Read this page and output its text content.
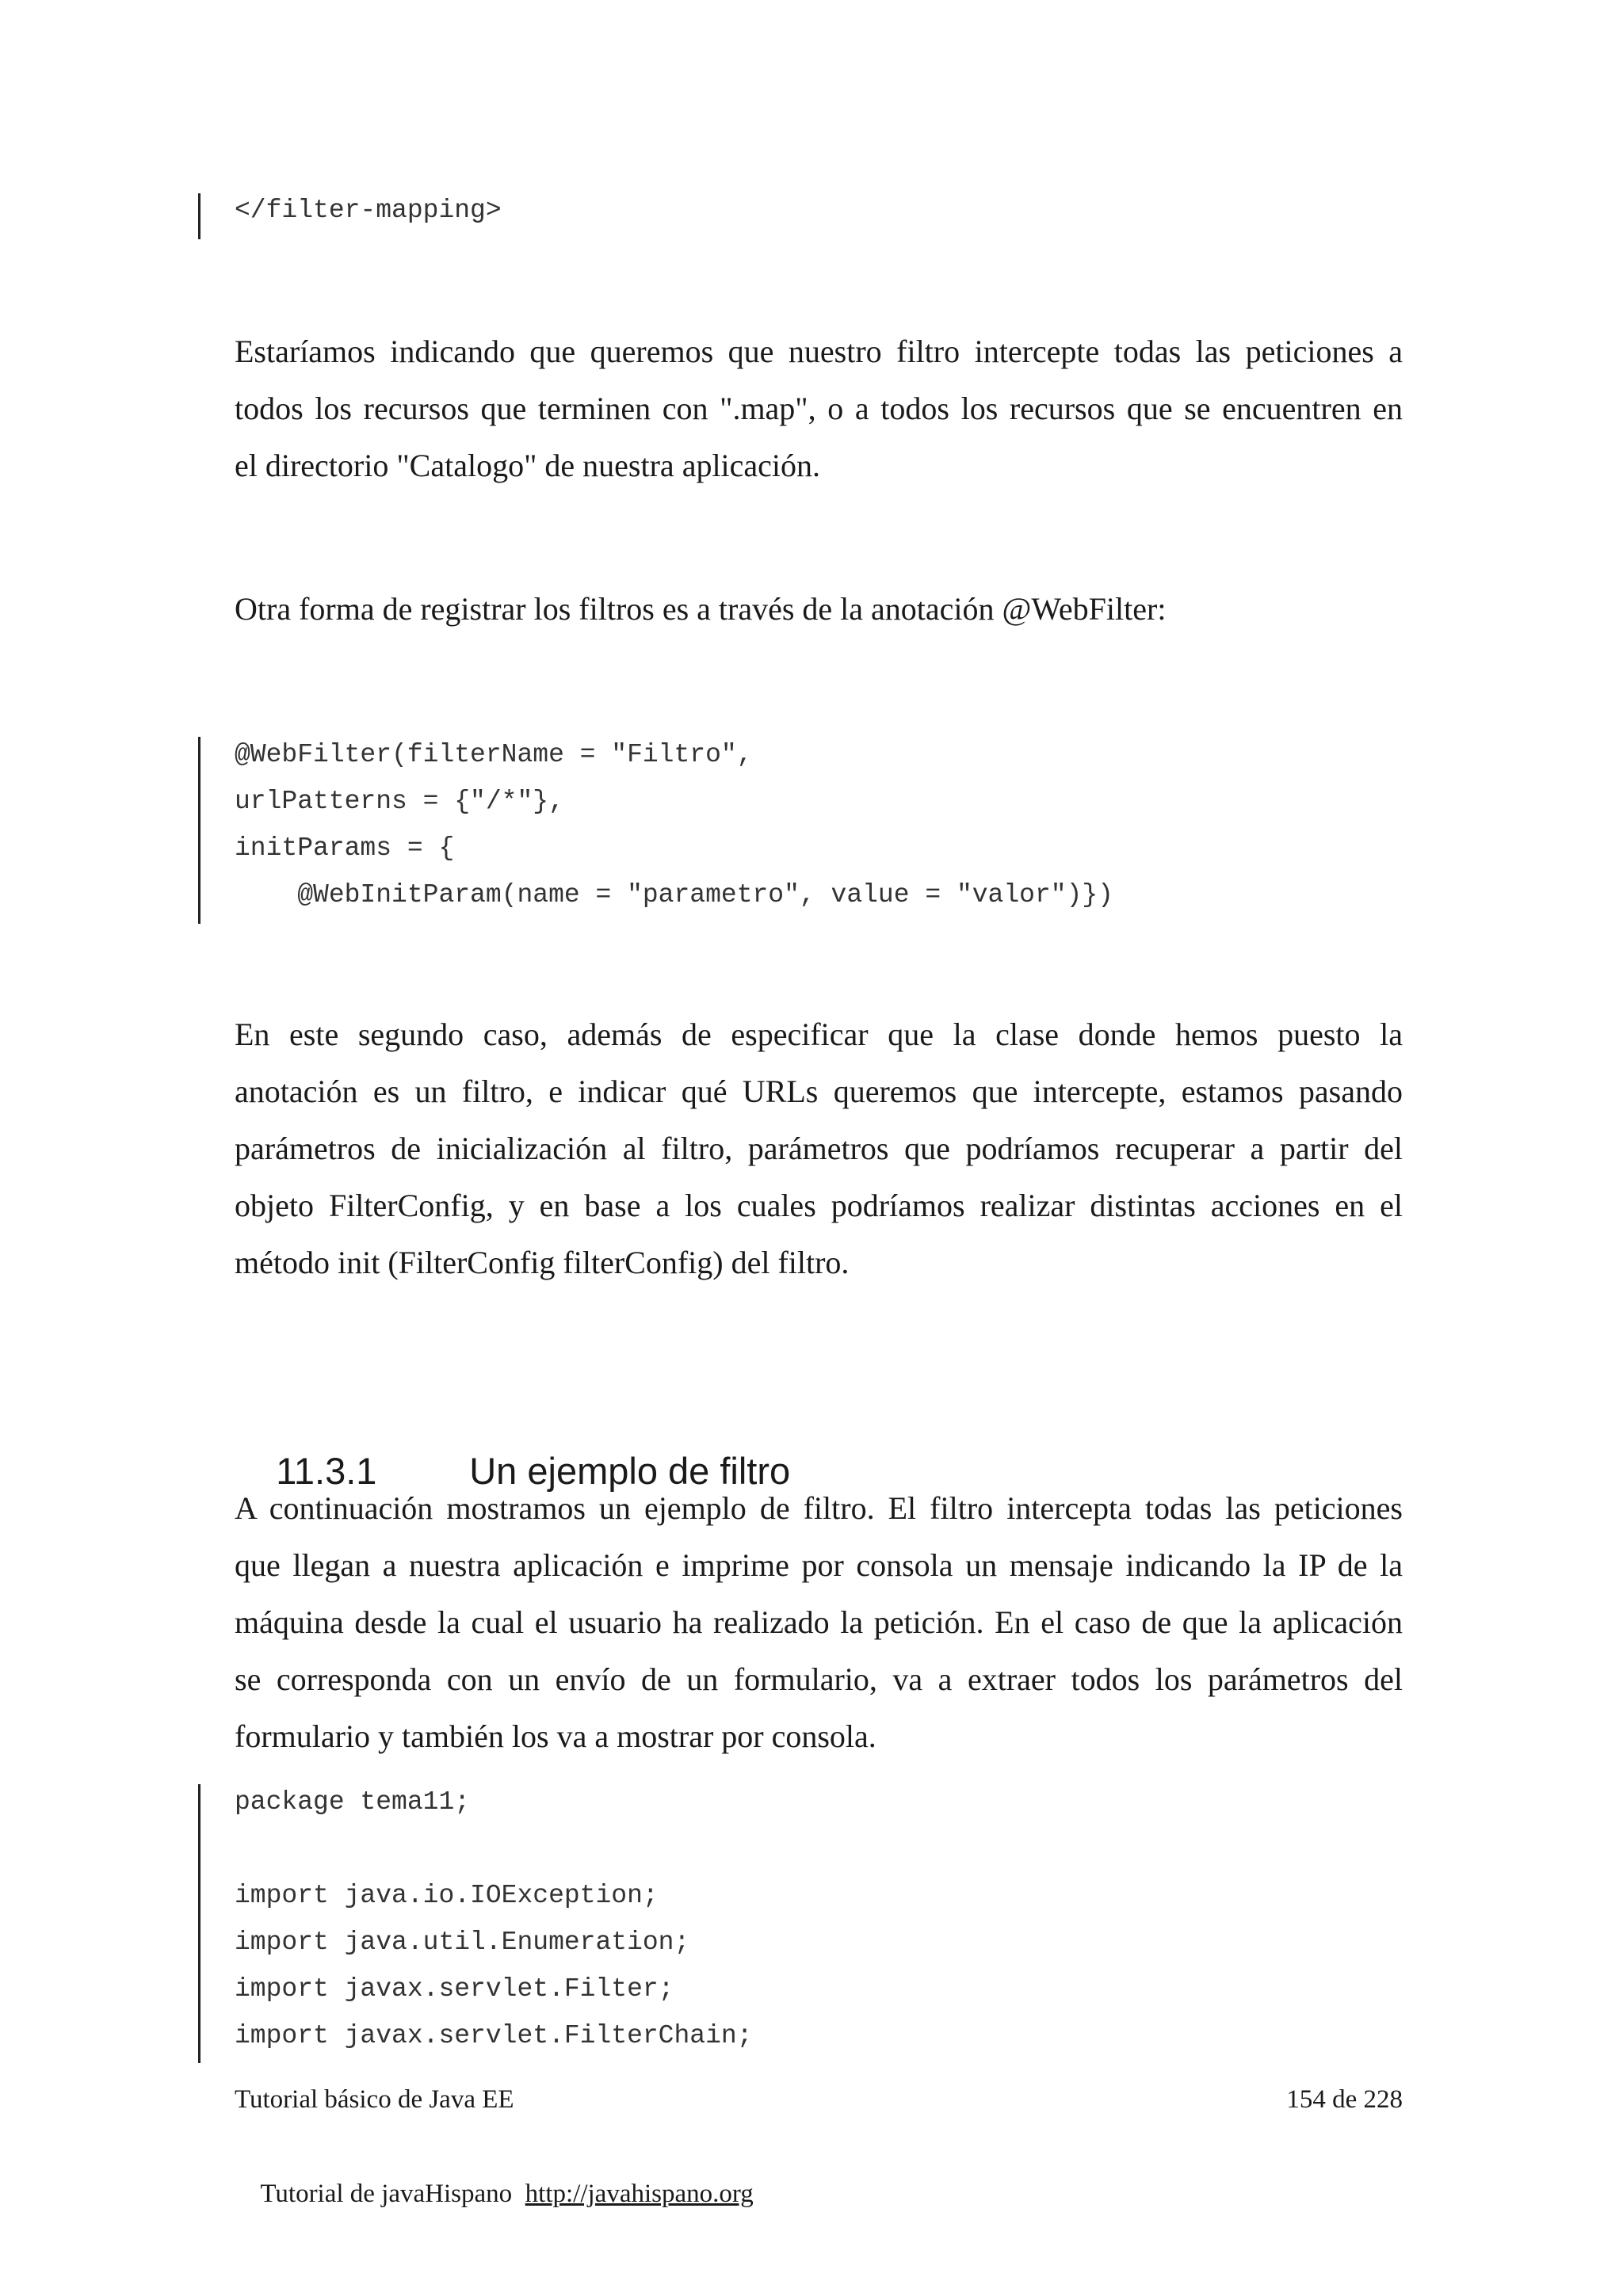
</filter-mapping>
Estaríamos indicando que queremos que nuestro filtro intercepte todas las peticiones a
todos los recursos que terminen con ".map", o a todos los recursos que se encuentren en
el directorio "Catalogo" de nuestra aplicación.
Otra forma de registrar los filtros es a través de la anotación @WebFilter:
@WebFilter(filterName = "Filtro",
urlPatterns = {"/*"},
initParams = {
@WebInitParam(name = "parametro", value = "valor")})
En este segundo caso, además de especificar que la clase donde hemos puesto la
anotación es un filtro, e indicar qué URLs queremos que intercepte, estamos pasando
parámetros de inicialización al filtro, parámetros que podríamos recuperar a partir del
objeto FilterConfig, y en base a los cuales podríamos realizar distintas acciones en el
método init (FilterConfig filterConfig) del filtro.

11.3.1 Un ejemplo de filtro

A continuación mostramos un ejemplo de filtro. El filtro intercepta todas las peticiones
que llegan a nuestra aplicación e imprime por consola un mensaje indicando la IP de la
máquina desde la cual el usuario ha realizado la petición. En el caso de que la aplicación
se corresponda con un envío de un formulario, va a extraer todos los parámetros del
formulario y también los va a mostrar por consola.
package tema11;
import java.io.IOException;
import java.util.Enumeration;
import javax.servlet.Filter;
import javax.servlet.FilterChain;
Tutorial básico de Java EE	154 de 228

Tutorial de javaHispano http://javahispano.org
